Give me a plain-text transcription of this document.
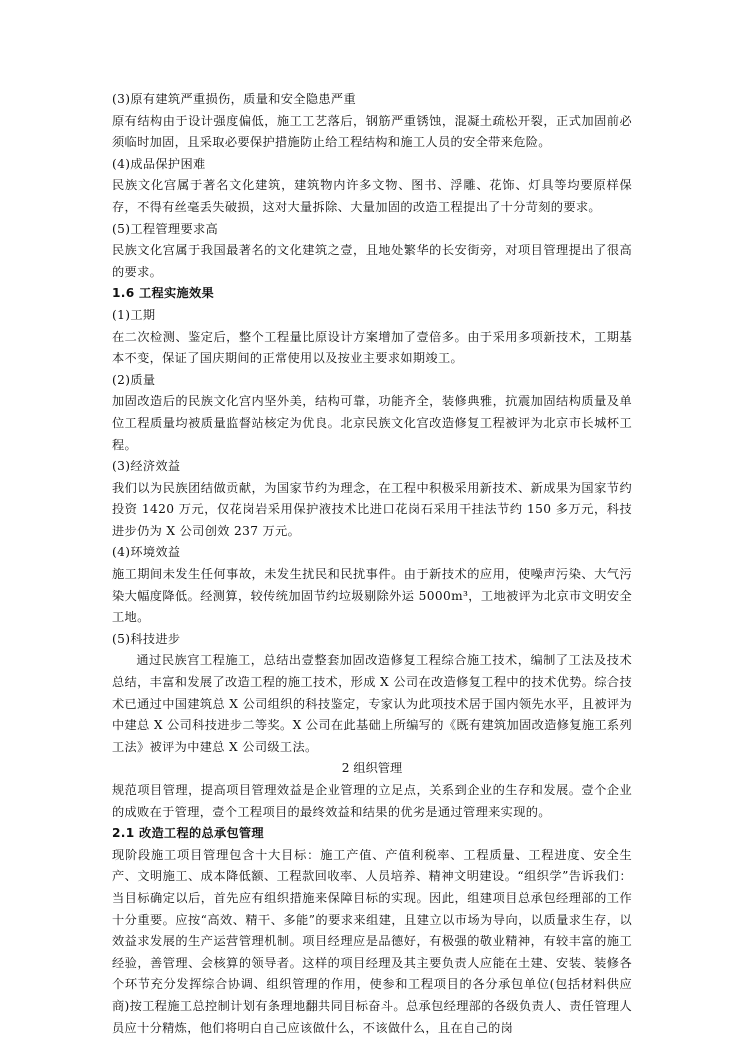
(3)原有建筑严重损伤，质量和安全隐患严重

原有结构由于设计强度偏低，施工工艺落后，钢筋严重锈蚀，混凝土疏松开裂，正式加固前必须临时加固，且采取必要保护措施防止给工程结构和施工人员的安全带来危险。

(4)成品保护困难

民族文化宫属于著名文化建筑，建筑物内许多文物、图书、浮雕、花饰、灯具等均要原样保存，不得有丝毫丢失破损，这对大量拆除、大量加固的改造工程提出了十分苛刻的要求。

(5)工程管理要求高

民族文化宫属于我国最著名的文化建筑之壹，且地处繁华的长安街旁，对项目管理提出了很高的要求。

1.6 工程实施效果

(1)工期

在二次检测、鉴定后，整个工程量比原设计方案增加了壹倍多。由于采用多项新技术，工期基本不变，保证了国庆期间的正常使用以及按业主要求如期竣工。

(2)质量

加固改造后的民族文化宫内坚外美，结构可靠，功能齐全，装修典雅，抗震加固结构质量及单位工程质量均被质量监督站核定为优良。北京民族文化宫改造修复工程被评为北京市长城杯工程。

(3)经济效益

我们以为民族团结做贡献，为国家节约为理念，在工程中积极采用新技术、新成果为国家节约投资 1420 万元，仅花岗岩采用保护液技术比进口花岗石采用干挂法节约 150 多万元，科技进步仍为 X 公司创效 237 万元。

(4)环境效益

施工期间未发生任何事故，未发生扰民和民扰事件。由于新技术的应用，使噪声污染、大气污染大幅度降低。经测算，较传统加固节约垃圾剔除外运 5000m³，工地被评为北京市文明安全工地。

(5)科技进步

通过民族宫工程施工，总结出壹整套加固改造修复工程综合施工技术，编制了工法及技术总结，丰富和发展了改造工程的施工技术，形成 X 公司在改造修复工程中的技术优势。综合技术已通过中国建筑总 X 公司组织的科技鉴定，专家认为此项技术居于国内领先水平，且被评为中建总 X 公司科技进步二等奖。X 公司在此基础上所编写的《既有建筑加固改造修复施工系列工法》被评为中建总 X 公司级工法。

2 组织管理

规范项目管理，提高项目管理效益是企业管理的立足点，关系到企业的生存和发展。壹个企业的成败在于管理，壹个工程项目的最终效益和结果的优劣是通过管理来实现的。

2.1 改造工程的总承包管理

现阶段施工项目管理包含十大目标：施工产值、产值利税率、工程质量、工程进度、安全生产、文明施工、成本降低额、工程款回收率、人员培养、精神文明建设。“组织学”告诉我们：当目标确定以后，首先应有组织措施来保障目标的实现。因此，组建项目总承包经理部的工作十分重要。应按“高效、精干、多能”的要求来组建，且建立以市场为导向，以质量求生存，以效益求发展的生产运营管理机制。项目经理应是品德好，有极强的敬业精神，有较丰富的施工经验，善管理、会核算的领导者。这样的项目经理及其主要负责人应能在土建、安装、装修各个环节充分发挥综合协调、组织管理的作用，使参和工程项目的各分承包单位(包括材料供应商)按工程施工总控制计划有条理地翻共同目标奋斗。总承包经理部的各级负责人、责任管理人员应十分精炼，他们将明白自己应该做什么，不该做什么，且在自己的岗
